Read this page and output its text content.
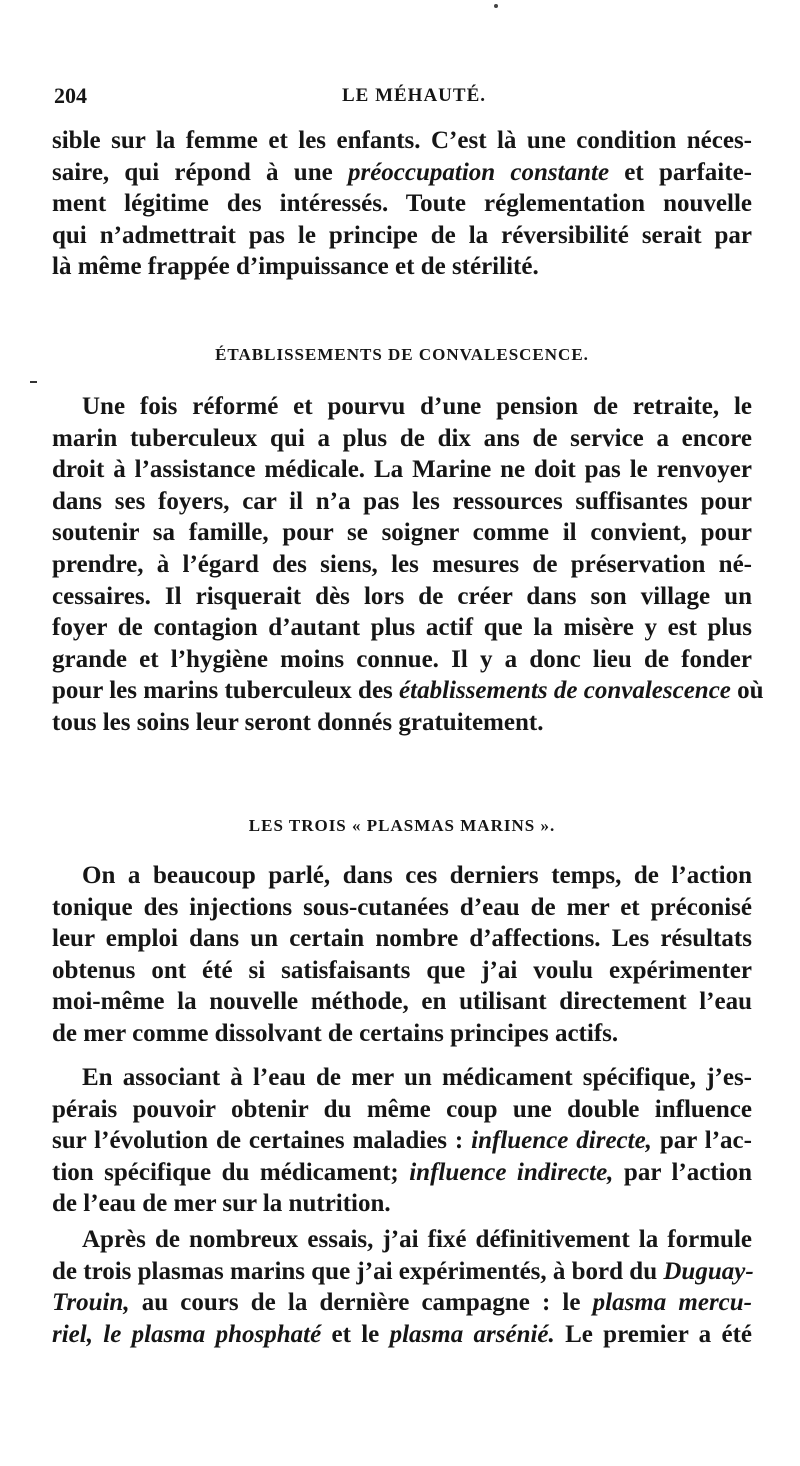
204	LE MÉHAUTÉ.
sible sur la femme et les enfants. C’est là une condition néces-
saire, qui répond à une préoccupation constante et parfaite-
ment légitime des intéressés. Toute réglementation nouvelle
qui n’admettrait pas le principe de la réversibilité serait par
là même frappée d’impuissance et de stérilité.
ÉTABLISSEMENTS DE CONVALESCENCE.
Une fois réformé et pourvu d’une pension de retraite, le
marin tuberculeux qui a plus de dix ans de service a encore
droit à l’assistance médicale. La Marine ne doit pas le renvoyer
dans ses foyers, car il n’a pas les ressources suffisantes pour
soutenir sa famille, pour se soigner comme il convient, pour
prendre, à l’égard des siens, les mesures de préservation né-
cessaires. Il risquerait dès lors de créer dans son village un
foyer de contagion d’autant plus actif que la misère y est plus
grande et l’hygiène moins connue. Il y a donc lieu de fonder
pour les marins tuberculeux des établissements de convalescence où
tous les soins leur seront donnés gratuitement.
LES TROIS « PLASMAS MARINS ».
On a beaucoup parlé, dans ces derniers temps, de l’action
tonique des injections sous-cutanées d’eau de mer et préconisé
leur emploi dans un certain nombre d’affections. Les résultats
obtenus ont été si satisfaisants que j’ai voulu expérimenter
moi-même la nouvelle méthode, en utilisant directement l’eau
de mer comme dissolvant de certains principes actifs.
En associant à l’eau de mer un médicament spécifique, j’es-
pérais pouvoir obtenir du même coup une double influence
sur l’évolution de certaines maladies : influence directe, par l’ac-
tion spécifique du médicament; influence indirecte, par l’action
de l’eau de mer sur la nutrition.
Après de nombreux essais, j’ai fixé définitivement la formule
de trois plasmas marins que j’ai expérimentés, à bord du Duguay-
Trouin, au cours de la dernière campagne : le plasma mercu-
riel, le plasma phosphaté et le plasma arsénié. Le premier a été
